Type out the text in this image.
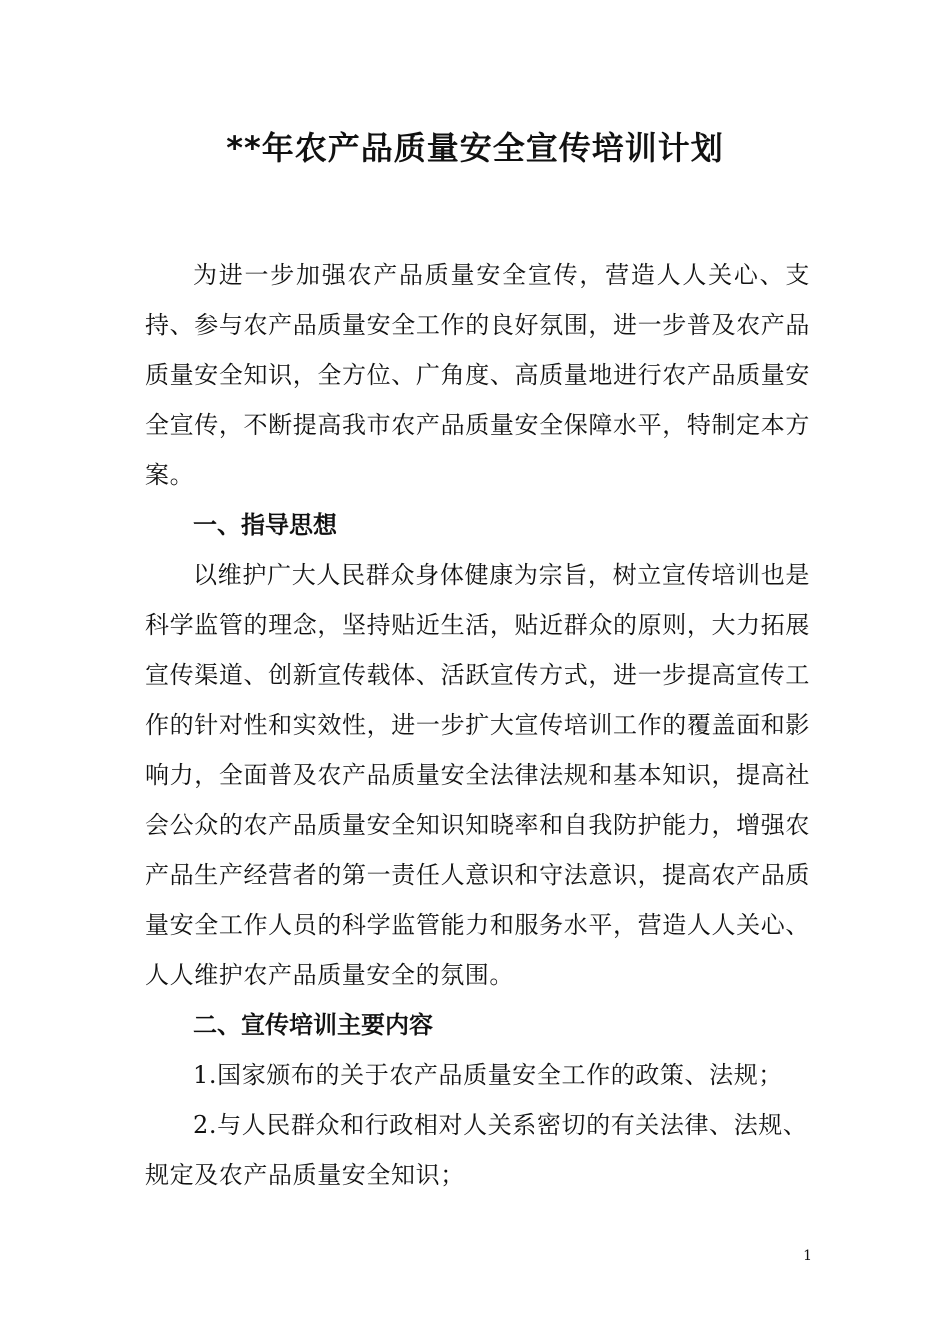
**年农产品质量安全宣传培训计划

为进一步加强农产品质量安全宣传，营造人人关心、支持、参与农产品质量安全工作的良好氛围，进一步普及农产品质量安全知识，全方位、广角度、高质量地进行农产品质量安全宣传，不断提高我市农产品质量安全保障水平，特制定本方案。

一、指导思想

以维护广大人民群众身体健康为宗旨，树立宣传培训也是科学监管的理念，坚持贴近生活，贴近群众的原则，大力拓展宣传渠道、创新宣传载体、活跃宣传方式，进一步提高宣传工作的针对性和实效性，进一步扩大宣传培训工作的覆盖面和影响力，全面普及农产品质量安全法律法规和基本知识，提高社会公众的农产品质量安全知识知晓率和自我防护能力，增强农产品生产经营者的第一责任人意识和守法意识，提高农产品质量安全工作人员的科学监管能力和服务水平，营造人人关心、人人维护农产品质量安全的氛围。

二、宣传培训主要内容

1.国家颁布的关于农产品质量安全工作的政策、法规；

2.与人民群众和行政相对人关系密切的有关法律、法规、规定及农产品质量安全知识；

1
